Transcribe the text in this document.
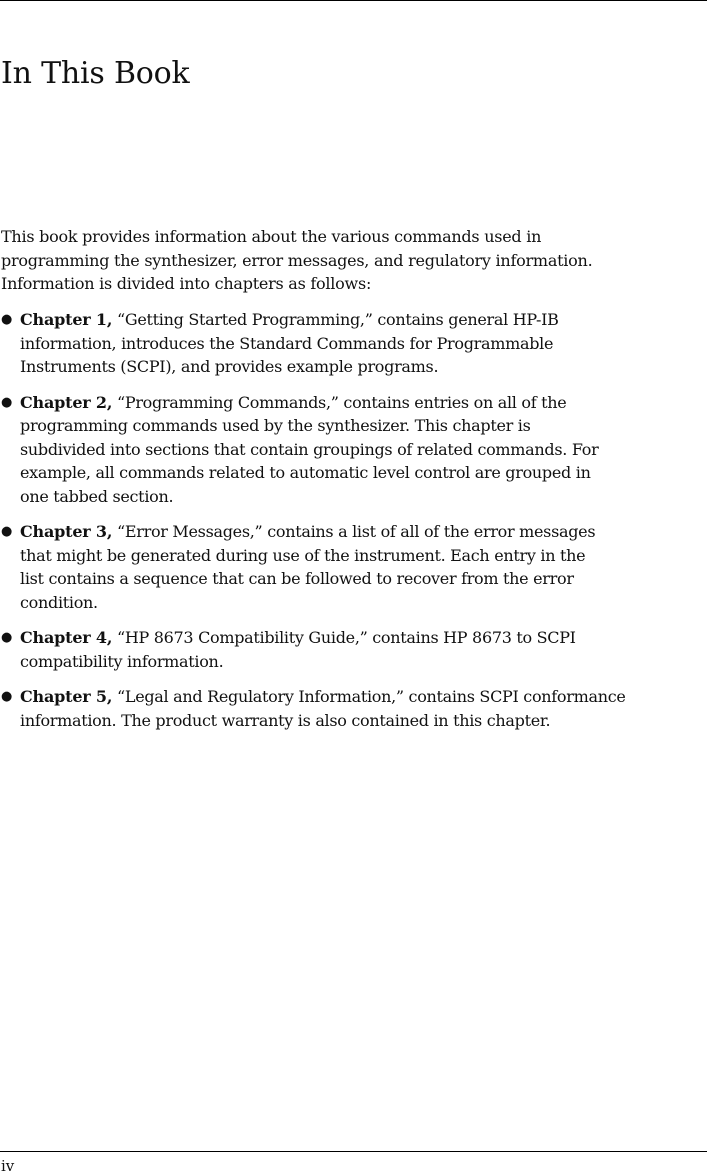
In This Book

This book provides information about the various commands used in
programming the synthesizer, error messages, and regulatory information.
Information is divided into chapters as follows:

● Chapter 1, “Getting Started Programming,” contains general HP-IB
information, introduces the Standard Commands for Programmable
Instruments (SCPI), and provides example programs.
● Chapter 2, “Programming Commands,” contains entries on all of the
programming commands used by the synthesizer. This chapter is
subdivided into sections that contain groupings of related commands. For
example, all commands related to automatic level control are grouped in
one tabbed section.
● Chapter 3, “Error Messages,” contains a list of all of the error messages
that might be generated during use of the instrument. Each entry in the
list contains a sequence that can be followed to recover from the error
condition.
● Chapter 4, “HP 8673 Compatibility Guide,” contains HP 8673 to SCPI
compatibility information.
● Chapter 5, “Legal and Regulatory Information,” contains SCPI conformance
information. The product warranty is also contained in this chapter.
iv
